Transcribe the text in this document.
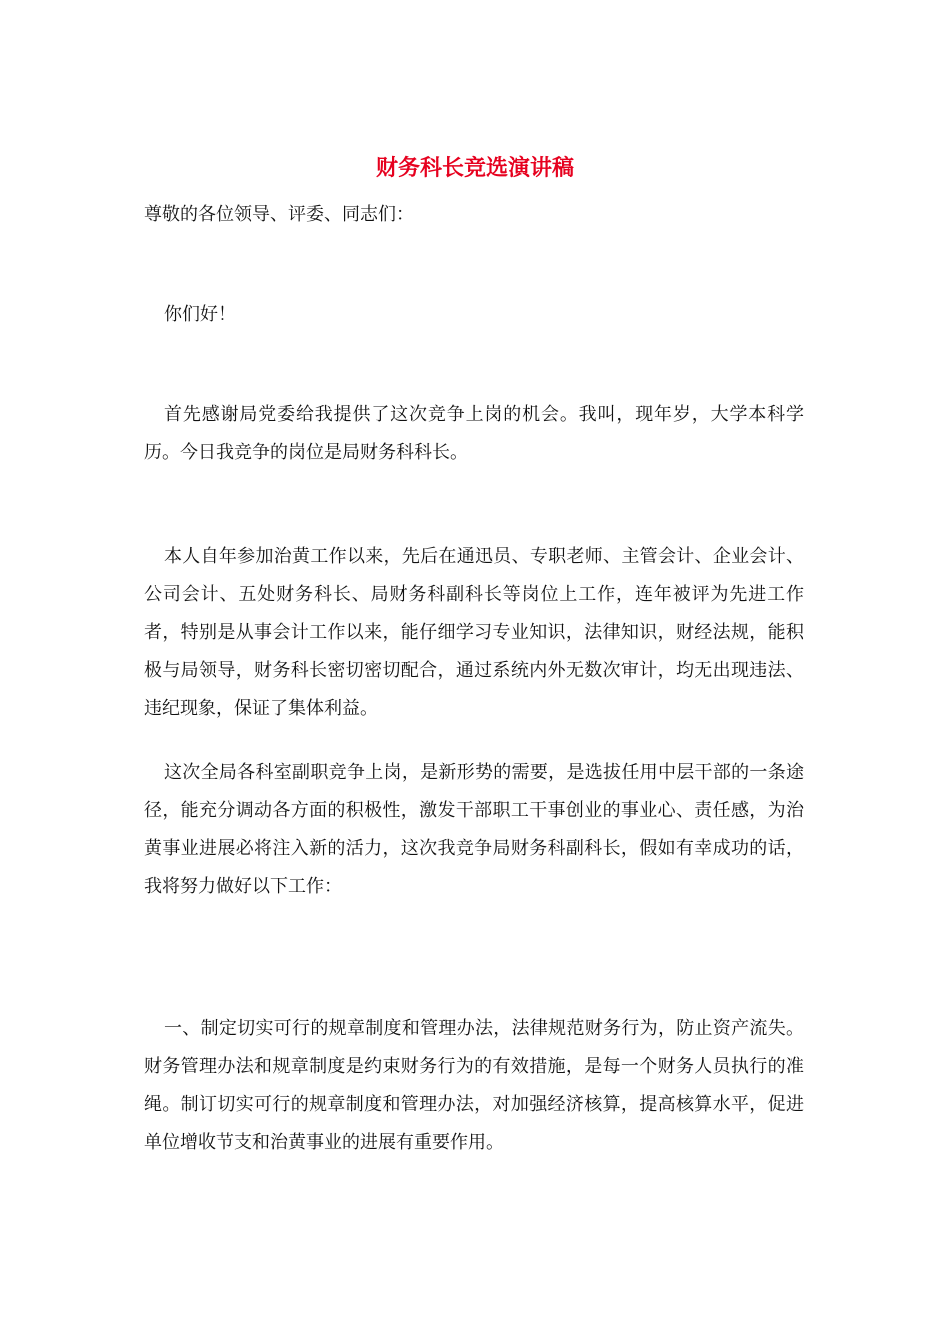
财务科长竞选演讲稿

尊敬的各位领导、评委、同志们：

你们好！

首先感谢局党委给我提供了这次竞争上岗的机会。我叫，现年岁，大学本科学历。今日我竞争的岗位是局财务科科长。

本人自年参加治黄工作以来，先后在通迅员、专职老师、主管会计、企业会计、公司会计、五处财务科长、局财务科副科长等岗位上工作，连年被评为先进工作者，特别是从事会计工作以来，能仔细学习专业知识，法律知识，财经法规，能积极与局领导，财务科长密切密切配合，通过系统内外无数次审计，均无出现违法、违纪现象，保证了集体利益。

这次全局各科室副职竞争上岗，是新形势的需要，是选拔任用中层干部的一条途径，能充分调动各方面的积极性，激发干部职工干事创业的事业心、责任感，为治黄事业进展必将注入新的活力，这次我竞争局财务科副科长，假如有幸成功的话，我将努力做好以下工作：

一、制定切实可行的规章制度和管理办法，法律规范财务行为，防止资产流失。财务管理办法和规章制度是约束财务行为的有效措施，是每一个财务人员执行的准绳。制订切实可行的规章制度和管理办法，对加强经济核算，提高核算水平，促进单位增收节支和治黄事业的进展有重要作用。
